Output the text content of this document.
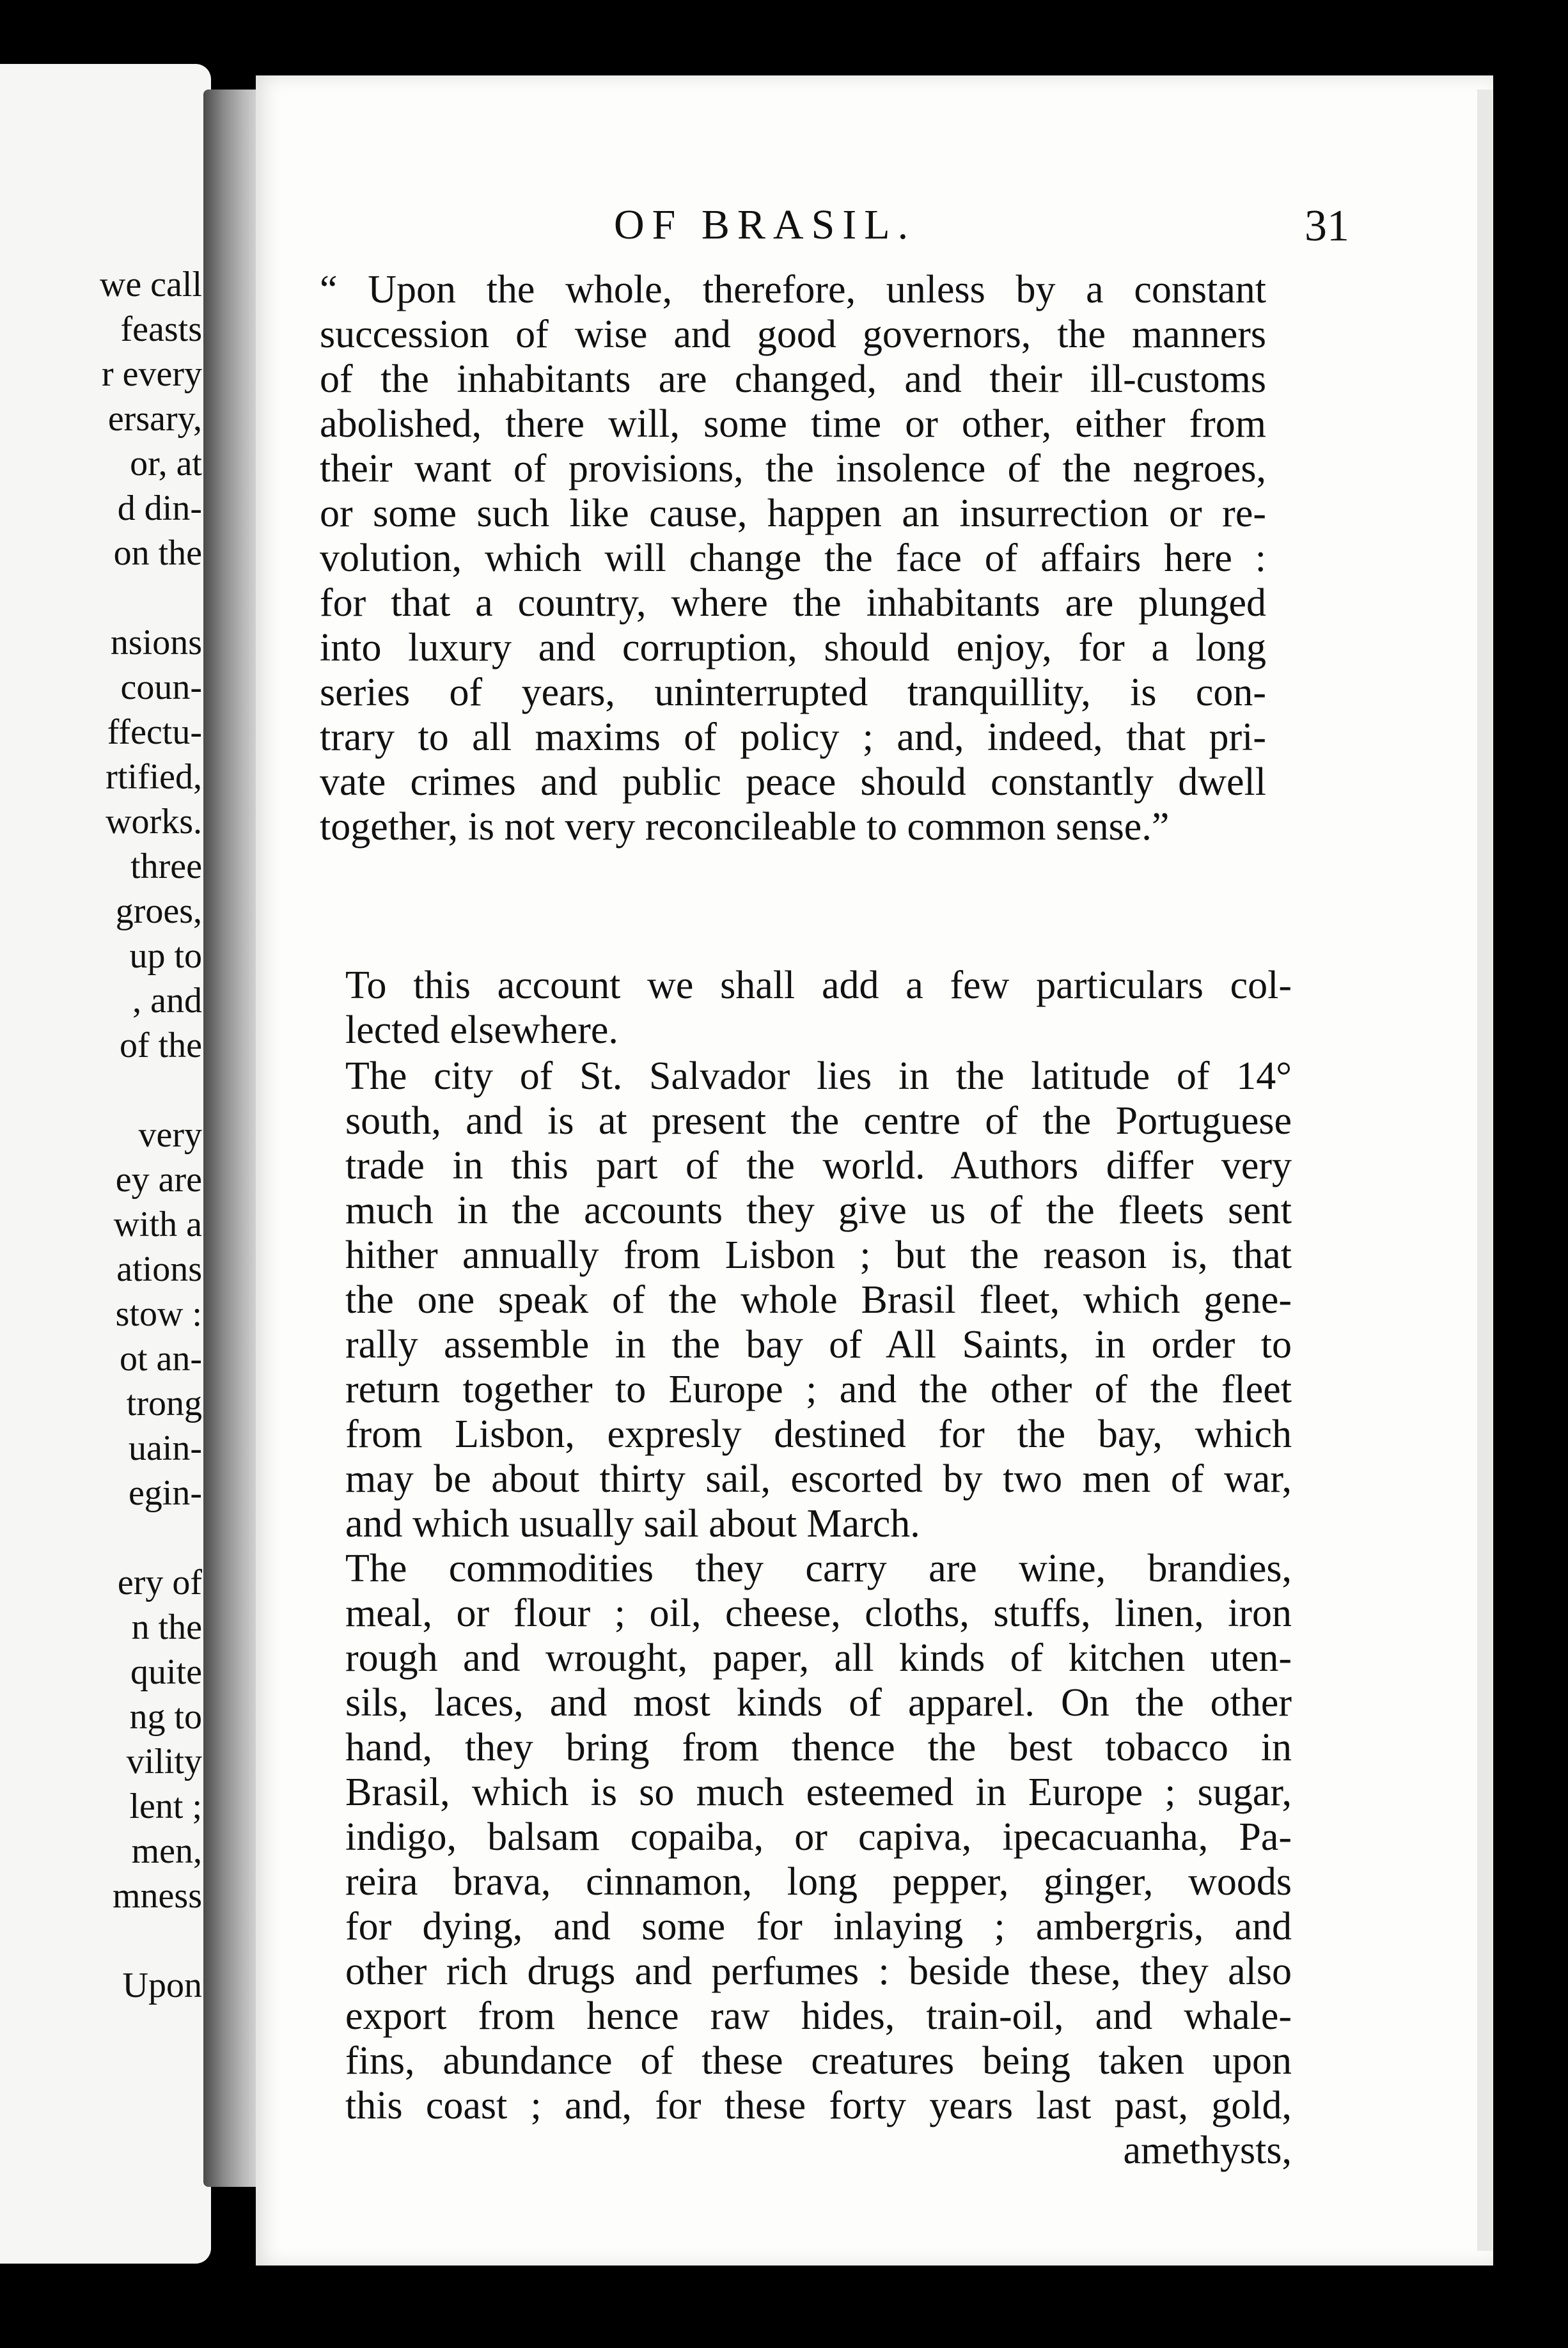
we call
feasts
r every
ersary,
or, at
d din-
on the
nsions
coun-
ffectu-
rtified,
works.
three
groes,
up to
, and
of the
very
ey are
with a
ations
stow :
ot an-
trong
uain-
egin-
ery of
n the
quite
ng to
vility
lent ;
men,
mness
Upon
OF BRASIL.	31
“ Upon the whole, therefore, unless by a constant
succession of wise and good governors, the manners
of the inhabitants are changed, and their ill-customs
abolished, there will, some time or other, either from
their want of provisions, the insolence of the negroes,
or some such like cause, happen an insurrection or re-
volution, which will change the face of affairs here :
for that a country, where the inhabitants are plunged
into luxury and corruption, should enjoy, for a long
series of years, uninterrupted tranquillity, is con-
trary to all maxims of policy ; and, indeed, that pri-
vate crimes and public peace should constantly dwell
together, is not very reconcileable to common sense.”
To this account we shall add a few particulars col-
lected elsewhere.
The city of St. Salvador lies in the latitude of 14°
south, and is at present the centre of the Portuguese
trade in this part of the world. Authors differ very
much in the accounts they give us of the fleets sent
hither annually from Lisbon ; but the reason is, that
the one speak of the whole Brasil fleet, which gene-
rally assemble in the bay of All Saints, in order to
return together to Europe ; and the other of the fleet
from Lisbon, expresly destined for the bay, which
may be about thirty sail, escorted by two men of war,
and which usually sail about March.
The commodities they carry are wine, brandies,
meal, or flour ; oil, cheese, cloths, stuffs, linen, iron
rough and wrought, paper, all kinds of kitchen uten-
sils, laces, and most kinds of apparel. On the other
hand, they bring from thence the best tobacco in
Brasil, which is so much esteemed in Europe ; sugar,
indigo, balsam copaiba, or capiva, ipecacuanha, Pa-
reira brava, cinnamon, long pepper, ginger, woods
for dying, and some for inlaying ; ambergris, and
other rich drugs and perfumes : beside these, they also
export from hence raw hides, train-oil, and whale-
fins, abundance of these creatures being taken upon
this coast ; and, for these forty years last past, gold,
amethysts,
